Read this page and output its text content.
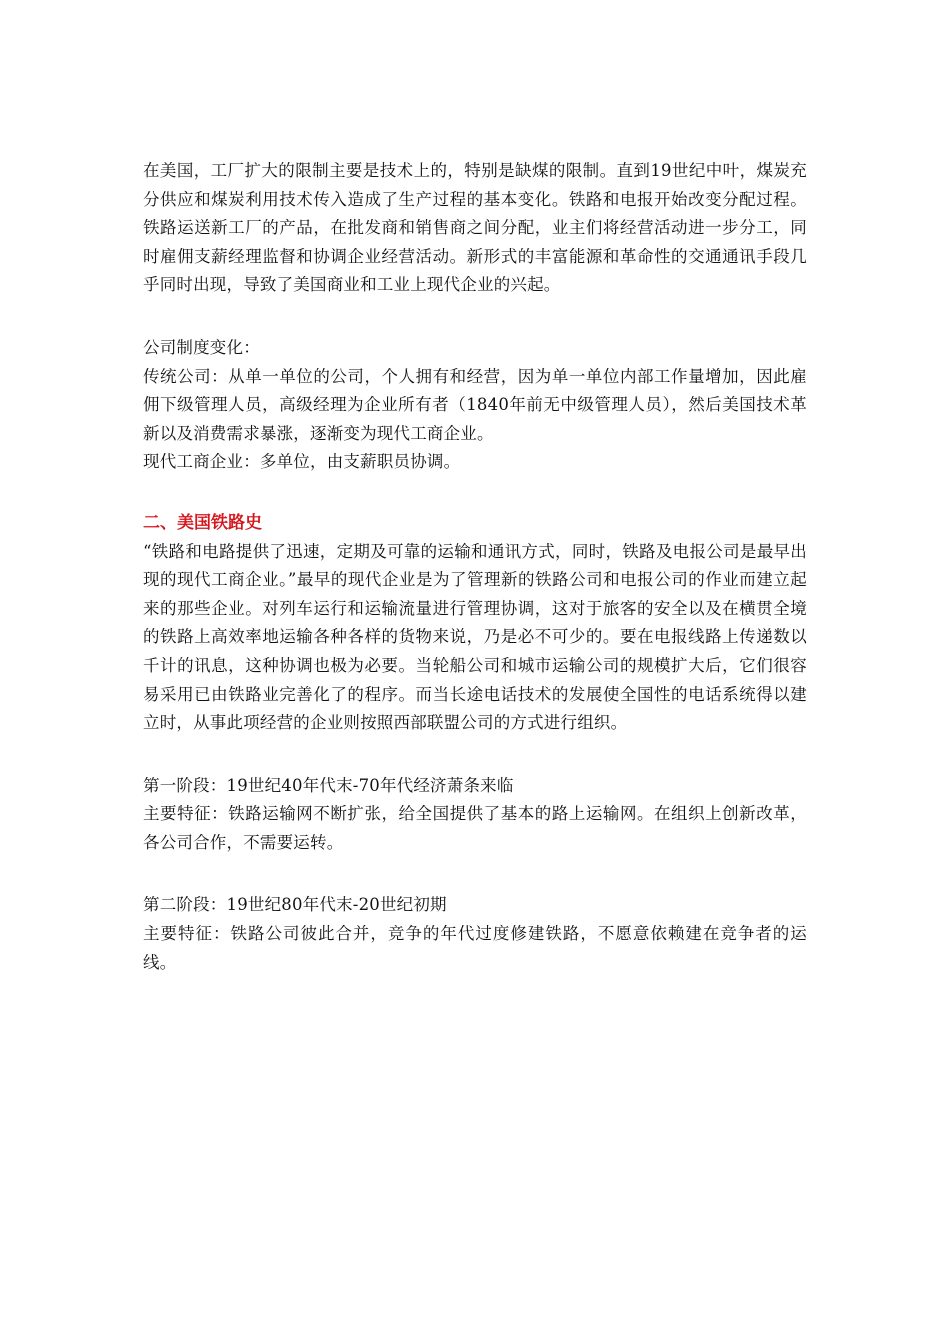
在美国，工厂扩大的限制主要是技术上的，特别是缺煤的限制。直到19世纪中叶，煤炭充分供应和煤炭利用技术传入造成了生产过程的基本变化。铁路和电报开始改变分配过程。铁路运送新工厂的产品，在批发商和销售商之间分配，业主们将经营活动进一步分工，同时雇佣支薪经理监督和协调企业经营活动。新形式的丰富能源和革命性的交通通讯手段几乎同时出现，导致了美国商业和工业上现代企业的兴起。

公司制度变化：

传统公司：从单一单位的公司，个人拥有和经营，因为单一单位内部工作量增加，因此雇佣下级管理人员，高级经理为企业所有者（1840年前无中级管理人员），然后美国技术革新以及消费需求暴涨，逐渐变为现代工商企业。

现代工商企业：多单位，由支薪职员协调。

二、美国铁路史

“铁路和电路提供了迅速，定期及可靠的运输和通讯方式，同时，铁路及电报公司是最早出现的现代工商企业。”最早的现代企业是为了管理新的铁路公司和电报公司的作业而建立起来的那些企业。对列车运行和运输流量进行管理协调，这对于旅客的安全以及在横贯全境的铁路上高效率地运输各种各样的货物来说，乃是必不可少的。要在电报线路上传递数以千计的讯息，这种协调也极为必要。当轮船公司和城市运输公司的规模扩大后，它们很容易采用已由铁路业完善化了的程序。而当长途电话技术的发展使全国性的电话系统得以建立时，从事此项经营的企业则按照西部联盟公司的方式进行组织。

第一阶段：19世纪40年代末-70年代经济萧条来临

主要特征：铁路运输网不断扩张，给全国提供了基本的路上运输网。在组织上创新改革，各公司合作，不需要运转。

第二阶段：19世纪80年代末-20世纪初期

主要特征：铁路公司彼此合并，竞争的年代过度修建铁路，不愿意依赖建在竞争者的运线。
